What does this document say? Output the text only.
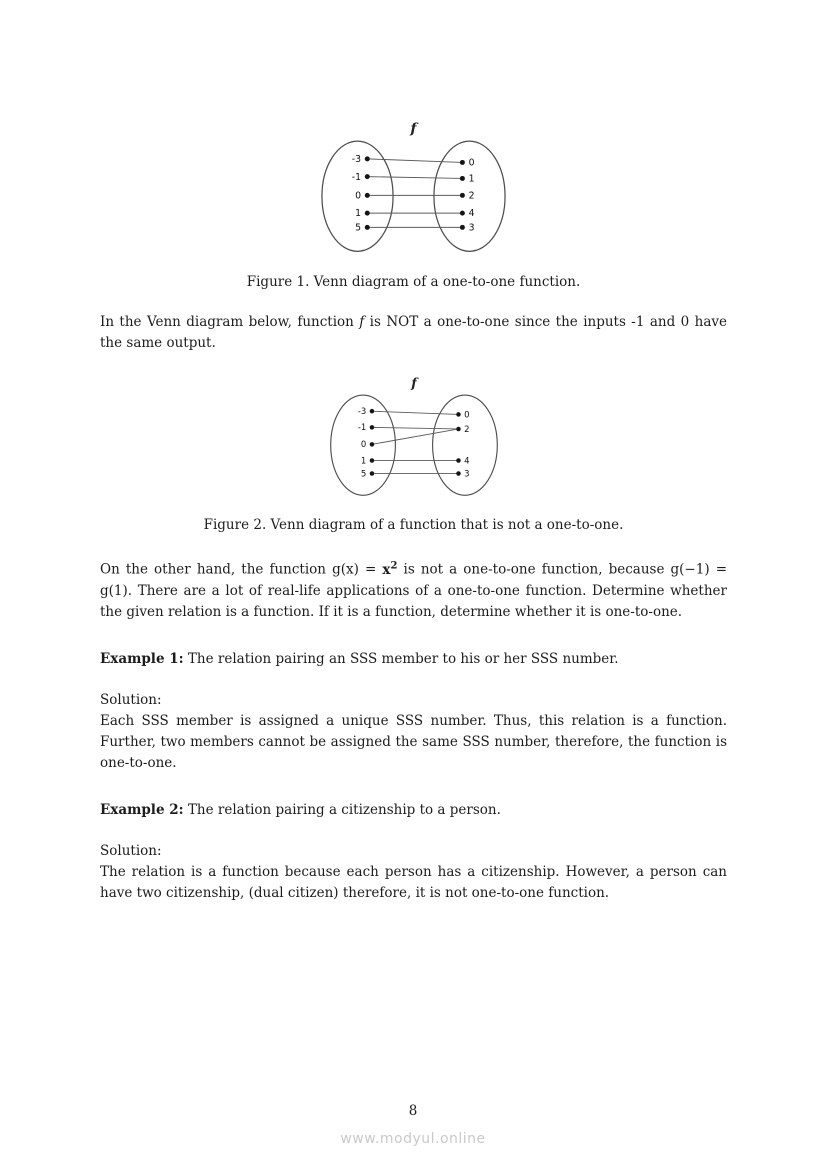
f
-3
-1
0
1
5
0
1
2
4
3
Figure 1. Venn diagram of a one-to-one function.

In the Venn diagram below, function f is NOT a one-to-one since the inputs -1 and 0 have the same output.

f
-3
-1
0
1
5
0
2
4
3
Figure 2. Venn diagram of a function that is not a one-to-one.

On the other hand, the function $g(x) = x^2$ is not a one-to-one function, because g(−1) = g(1). There are a lot of real-life applications of a one-to-one function. Determine whether the given relation is a function. If it is a function, determine whether it is one-to-one.

Example 1: The relation pairing an SSS member to his or her SSS number.

Solution:

Each SSS member is assigned a unique SSS number. Thus, this relation is a function. Further, two members cannot be assigned the same SSS number, therefore, the function is one-to-one.

Example 2: The relation pairing a citizenship to a person.

Solution:

The relation is a function because each person has a citizenship. However, a person can have two citizenship, (dual citizen) therefore, it is not one-to-one function.

8
www.modyul.online
